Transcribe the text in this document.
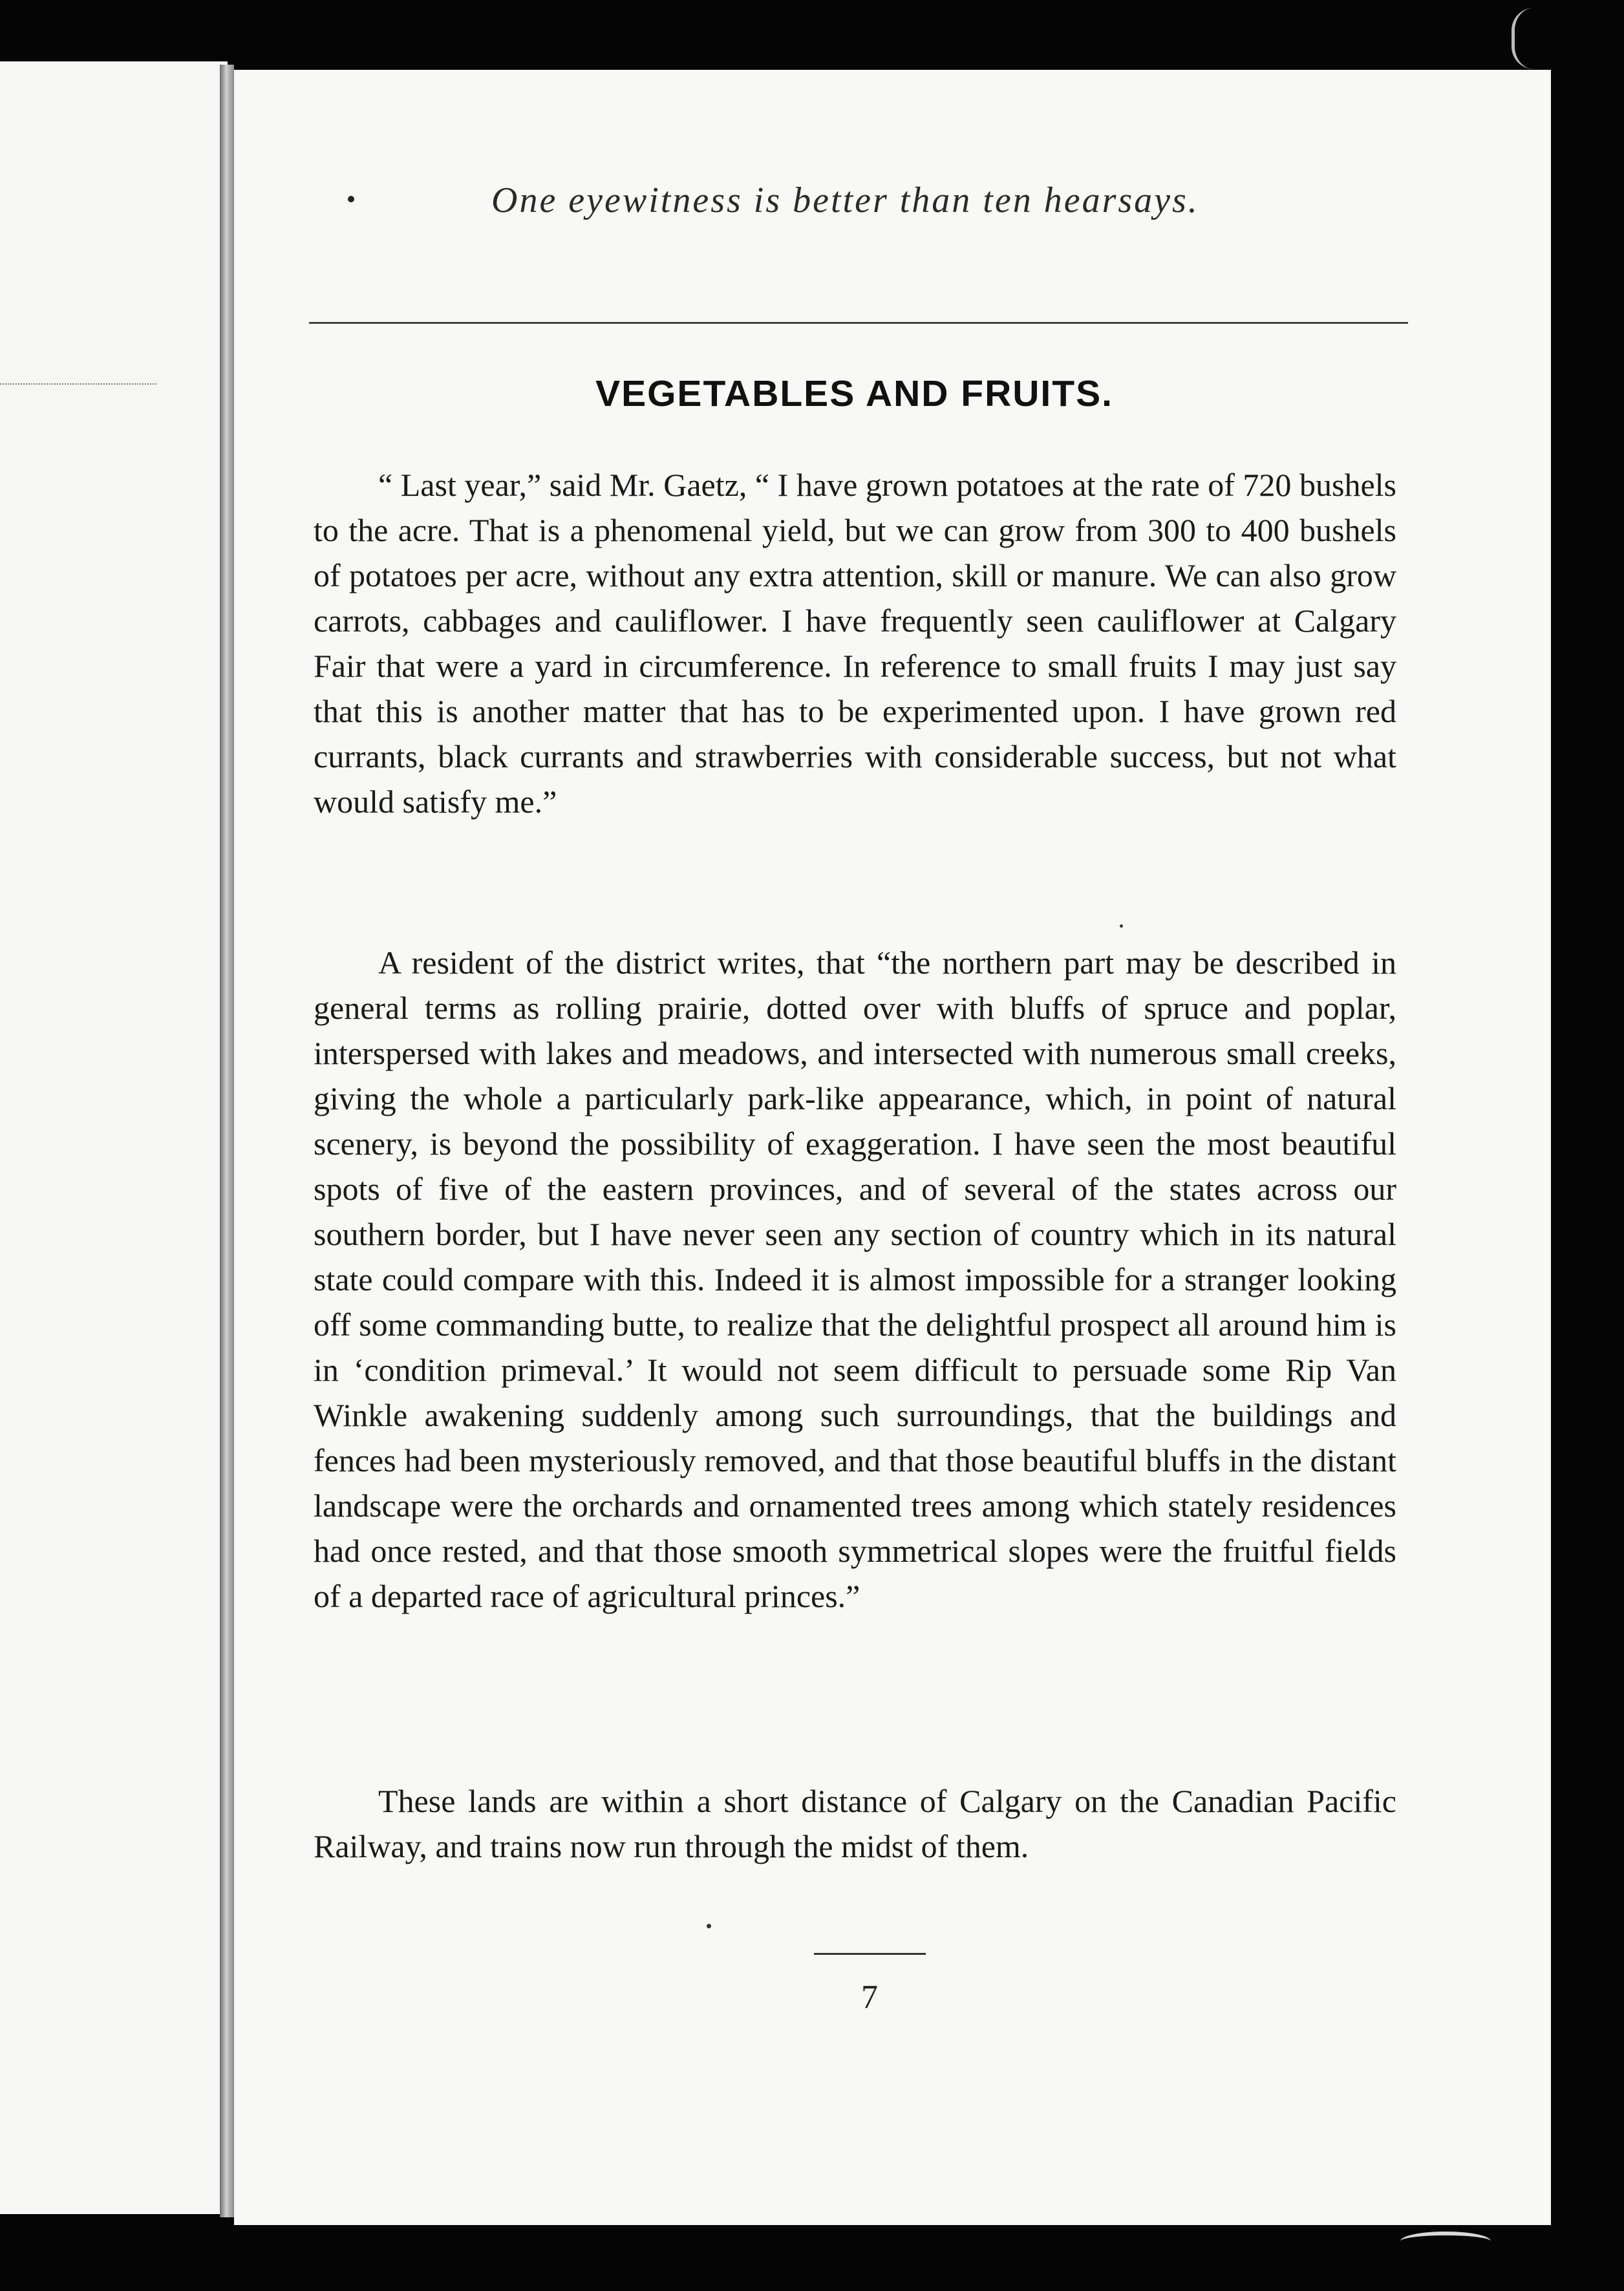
One eyewitness is better than ten hearsays.
VEGETABLES AND FRUITS.

“ Last year,” said Mr. Gaetz, “ I have grown potatoes at the rate of 720 bushels to the acre. That is a phenomenal yield, but we can grow from 300 to 400 bushels of potatoes per acre, without any extra attention, skill or manure. We can also grow carrots, cabbages and cauliflower. I have frequently seen cauliflower at Calgary Fair that were a yard in circumference. In reference to small fruits I may just say that this is another matter that has to be experimented upon. I have grown red currants, black currants and strawberries with considerable success, but not what would satisfy me.”

A resident of the district writes, that “the northern part may be described in general terms as rolling prairie, dotted over with bluffs of spruce and poplar, interspersed with lakes and meadows, and intersected with numerous small creeks, giving the whole a particularly park-like appearance, which, in point of natural scenery, is beyond the possibility of exaggeration. I have seen the most beautiful spots of five of the eastern provinces, and of several of the states across our southern border, but I have never seen any section of country which in its natural state could compare with this. Indeed it is almost impossible for a stranger looking off some commanding butte, to realize that the delightful prospect all around him is in ‘condition primeval.’ It would not seem difficult to persuade some Rip Van Winkle awakening suddenly among such surroundings, that the buildings and fences had been mysteriously removed, and that those beautiful bluffs in the distant landscape were the orchards and ornamented trees among which stately residences had once rested, and that those smooth symmetrical slopes were the fruitful fields of a departed race of agricultural princes.”

These lands are within a short distance of Calgary on the Canadian Pacific Railway, and trains now run through the midst of them.

7
